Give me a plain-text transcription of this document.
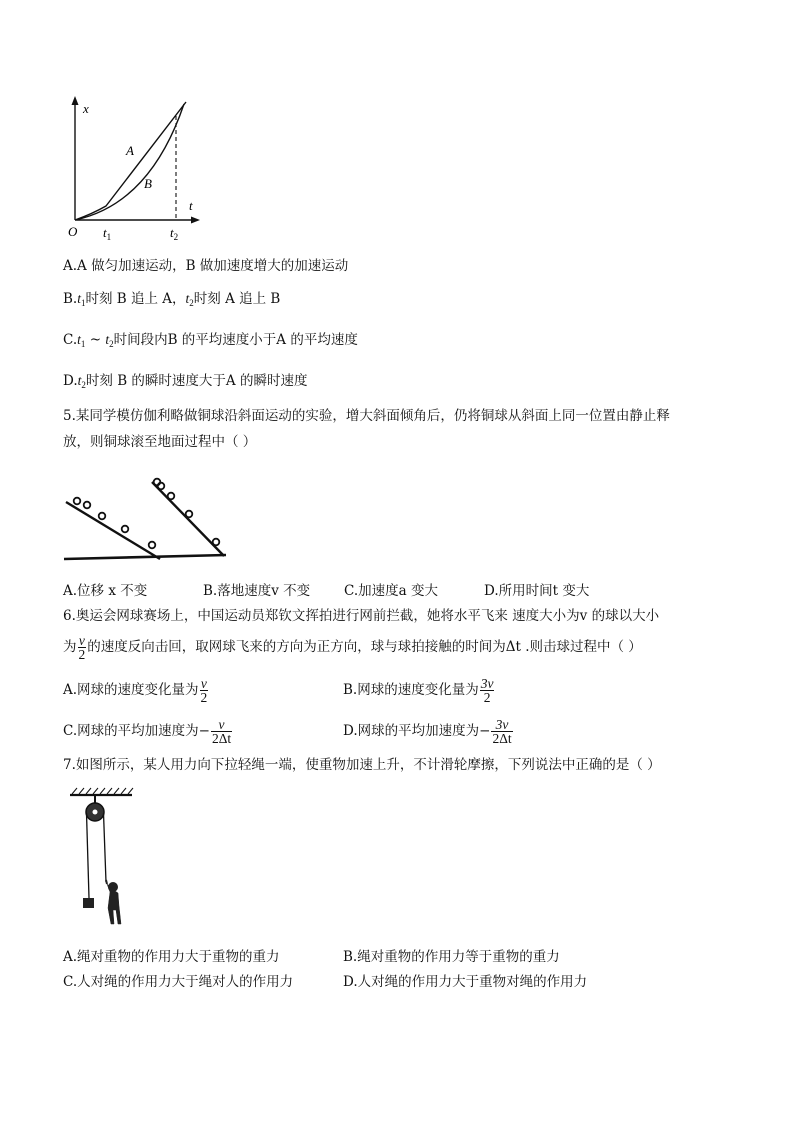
x
t
O
A
B
$t_1$	$t_2$
A.A 做匀加速运动，B 做加速度增大的加速运动
$B.t_1$时刻 B 追上 A，$t_2$时刻 A 追上 B
$C.t_1$ ~ $t_2$时间段内B 的平均速度小于A 的平均速度
$D.t_2$时刻 B 的瞬时速度大于A 的瞬时速度
5.某同学模仿伽利略做铜球沿斜面运动的实验，增大斜面倾角后，仍将铜球从斜面上同一位置由静止释
放，则铜球滚至地面过程中（ ）
A.位移 x 不变	B.落地速度v 不变	C.加速度a 变大	D.所用时间t 变大
6.奥运会网球赛场上，中国运动员郑钦文挥拍进行网前拦截，她将水平飞来 速度大小为v 的球以大小
为 $\frac{v}{2}$ 的速度反向击回，取网球飞来的方向为正方向，球与球拍接触的时间为Δt .则击球过程中（ ）
A.网球的速度变化量为 $\frac{v}{2}$	B.网球的速度变化量为 $\frac{3v}{2}$
C.网球的平均加速度为− $\frac{v}{2\Delta t}$	D.网球的平均加速度为− $\frac{3v}{2\Delta t}$
7.如图所示，某人用力向下拉轻绳一端，使重物加速上升，不计滑轮摩擦，下列说法中正确的是（ ）
A.绳对重物的作用力大于重物的重力	B.绳对重物的作用力等于重物的重力
C.人对绳的作用力大于绳对人的作用力	D.人对绳的作用力大于重物对绳的作用力
